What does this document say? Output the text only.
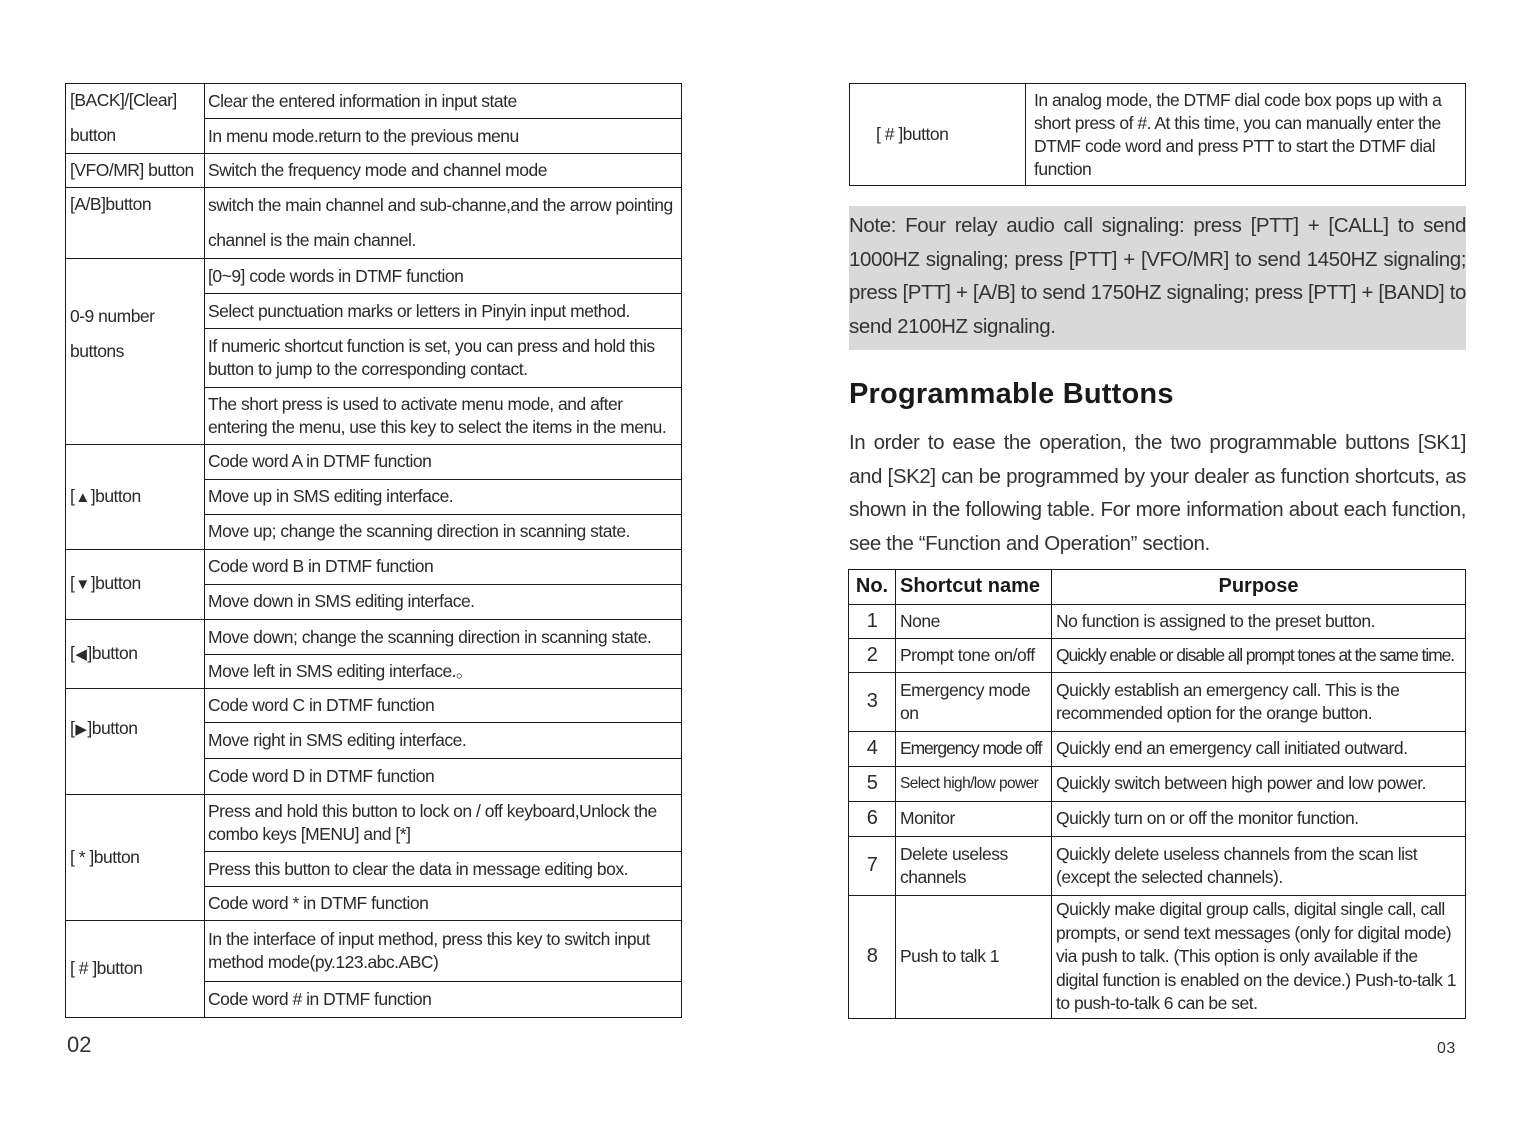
[BACK]/[Clear]
button	Clear the entered information in input state
	In menu mode.return to the previous menu
[VFO/MR] button	Switch the frequency mode and channel mode
[A/B]button	switch the main channel and sub-channe,and the arrow pointing channel is the main channel.

0-9 number
buttons	[0~9] code words in DTMF function
	Select punctuation marks or letters in Pinyin input method.
	If numeric shortcut function is set, you can press and hold this button to jump to the corresponding contact.
	The short press is used to activate menu mode, and after entering the menu, use this key to select the items in the menu.
[▲]button	Code word A in DTMF function
	Move up in SMS editing interface.
	Move up; change the scanning direction in scanning state.
[▼]button	Code word B in DTMF function
	Move down in SMS editing interface.
[◀]button	Move down; change the scanning direction in scanning state.
	Move left in SMS editing interface.。
[▶]button	Code word C in DTMF function
	Move right in SMS editing interface.
	Code word D in DTMF function
[ * ]button	Press and hold this button to lock on / off keyboard,Unlock the combo keys [MENU] and [*]
	Press this button to clear the data in message editing box.
	Code word * in DTMF function
[ # ]button	In the interface of input method, press this key to switch input method mode(py.123.abc.ABC)
	Code word # in DTMF function
02
[ # ]button	In analog mode, the DTMF dial code box pops up with a short press of #. At this time, you can manually enter the DTMF code word and press PTT to start the DTMF dial function
Note: Four relay audio call signaling: press [PTT] + [CALL] to send 1000HZ signaling; press [PTT] + [VFO/MR] to send 1450HZ signaling; press [PTT] + [A/B] to send 1750HZ signaling; press [PTT] + [BAND] to send 2100HZ signaling.
Programmable Buttons

In order to ease the operation, the two programmable buttons [SK1] and [SK2] can be programmed by your dealer as function shortcuts, as shown in the following table. For more information about each function, see the “Function and Operation” section.

No.	Shortcut name	Purpose
1	None	No function is assigned to the preset button.
2	Prompt tone on/off	Quickly enable or disable all prompt tones at the same time.
3	Emergency mode on	Quickly establish an emergency call. This is the recommended option for the orange button.
4	Emergency mode off	Quickly end an emergency call initiated outward.
5	Select high/low power	Quickly switch between high power and low power.
6	Monitor	Quickly turn on or off the monitor function.
7	Delete useless channels	Quickly delete useless channels from the scan list (except the selected channels).
8	Push to talk 1	Quickly make digital group calls, digital single call, call prompts, or send text messages (only for digital mode) via push to talk. (This option is only available if the digital function is enabled on the device.) Push-to-talk 1 to push-to-talk 6 can be set.
03
